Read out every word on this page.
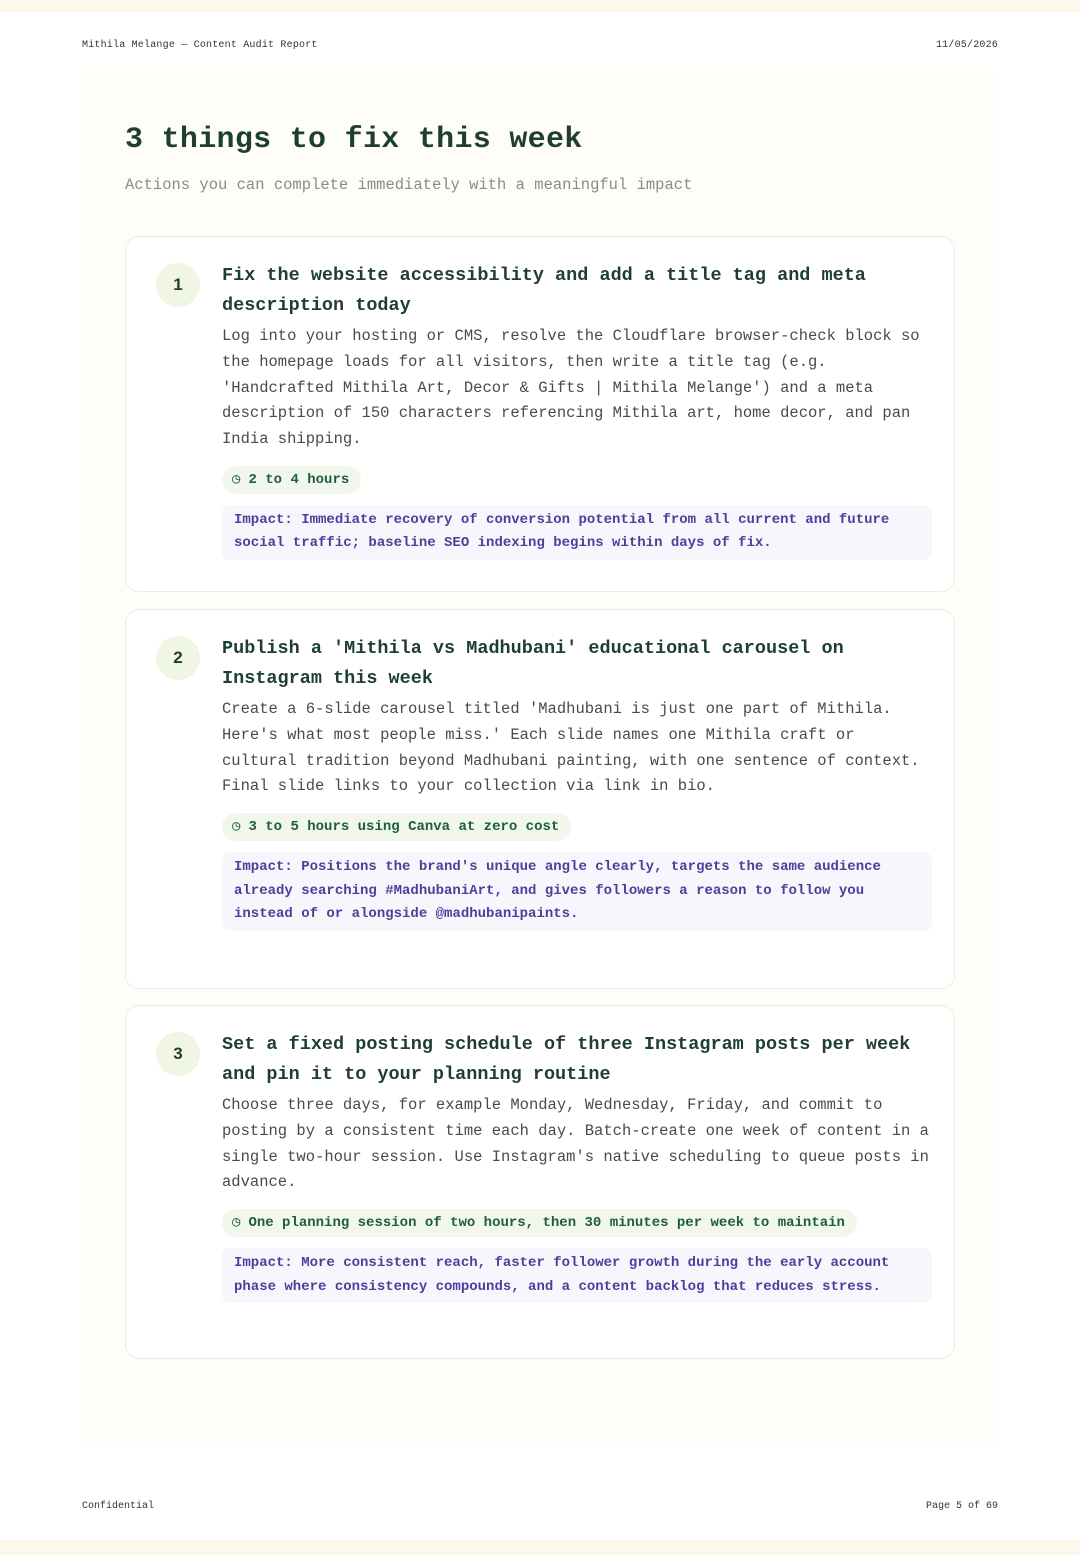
Mithila Melange — Content Audit Report	11/05/2026
Confidential	Page 5 of 69
3 things to fix this week

Actions you can complete immediately with a meaningful impact

1	Fix the website accessibility and add a title tag and meta description today

Log into your hosting or CMS, resolve the Cloudflare browser-check block so the homepage loads for all visitors, then write a title tag (e.g. 'Handcrafted Mithila Art, Decor & Gifts | Mithila Melange') and a meta description of 150 characters referencing Mithila art, home decor, and pan India shipping.

◷ 2 to 4 hours
Impact: Immediate recovery of conversion potential from all current and future social traffic; baseline SEO indexing begins within days of fix.
2	Publish a 'Mithila vs Madhubani' educational carousel on Instagram this week

Create a 6-slide carousel titled 'Madhubani is just one part of Mithila. Here's what most people miss.' Each slide names one Mithila craft or cultural tradition beyond Madhubani painting, with one sentence of context. Final slide links to your collection via link in bio.

◷ 3 to 5 hours using Canva at zero cost
Impact: Positions the brand's unique angle clearly, targets the same audience already searching #MadhubaniArt, and gives followers a reason to follow you instead of or alongside @madhubanipaints.
3	Set a fixed posting schedule of three Instagram posts per week and pin it to your planning routine

Choose three days, for example Monday, Wednesday, Friday, and commit to posting by a consistent time each day. Batch-create one week of content in a single two-hour session. Use Instagram's native scheduling to queue posts in advance.

◷ One planning session of two hours, then 30 minutes per week to maintain
Impact: More consistent reach, faster follower growth during the early account phase where consistency compounds, and a content backlog that reduces stress.
